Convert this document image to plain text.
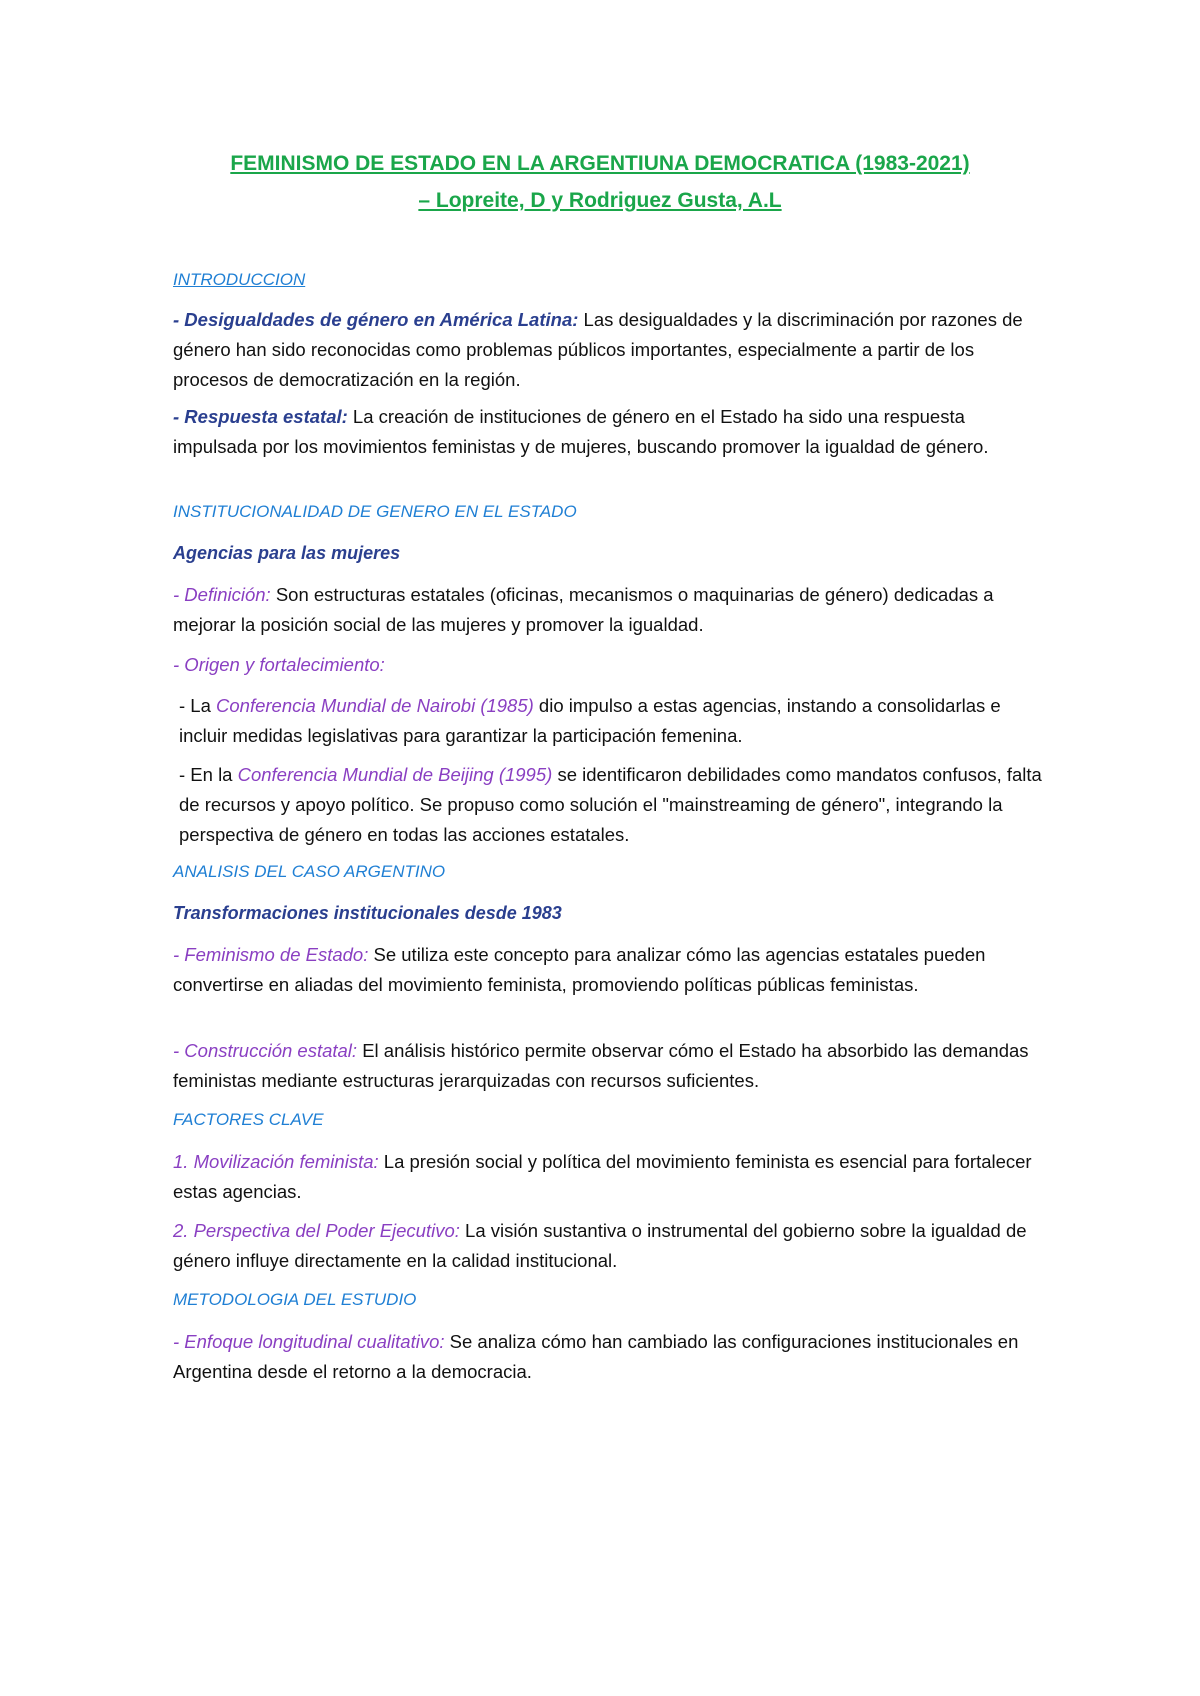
FEMINISMO DE ESTADO EN LA ARGENTIUNA DEMOCRATICA (1983-2021)
– Lopreite, D y Rodriguez Gusta, A.L
INTRODUCCION
- Desigualdades de género en América Latina: Las desigualdades y la discriminación por razones de género han sido reconocidas como problemas públicos importantes, especialmente a partir de los procesos de democratización en la región.
- Respuesta estatal: La creación de instituciones de género en el Estado ha sido una respuesta impulsada por los movimientos feministas y de mujeres, buscando promover la igualdad de género.
INSTITUCIONALIDAD DE GENERO EN EL ESTADO
Agencias para las mujeres
- Definición: Son estructuras estatales (oficinas, mecanismos o maquinarias de género) dedicadas a mejorar la posición social de las mujeres y promover la igualdad.
- Origen y fortalecimiento:
- La Conferencia Mundial de Nairobi (1985) dio impulso a estas agencias, instando a consolidarlas e incluir medidas legislativas para garantizar la participación femenina.
- En la Conferencia Mundial de Beijing (1995) se identificaron debilidades como mandatos confusos, falta de recursos y apoyo político. Se propuso como solución el "mainstreaming de género", integrando la perspectiva de género en todas las acciones estatales.
ANALISIS DEL CASO ARGENTINO
Transformaciones institucionales desde 1983
- Feminismo de Estado: Se utiliza este concepto para analizar cómo las agencias estatales pueden convertirse en aliadas del movimiento feminista, promoviendo políticas públicas feministas.
- Construcción estatal: El análisis histórico permite observar cómo el Estado ha absorbido las demandas feministas mediante estructuras jerarquizadas con recursos suficientes.
FACTORES CLAVE
1. Movilización feminista: La presión social y política del movimiento feminista es esencial para fortalecer estas agencias.
2. Perspectiva del Poder Ejecutivo: La visión sustantiva o instrumental del gobierno sobre la igualdad de género influye directamente en la calidad institucional.
METODOLOGIA DEL ESTUDIO
- Enfoque longitudinal cualitativo: Se analiza cómo han cambiado las configuraciones institucionales en Argentina desde el retorno a la democracia.
